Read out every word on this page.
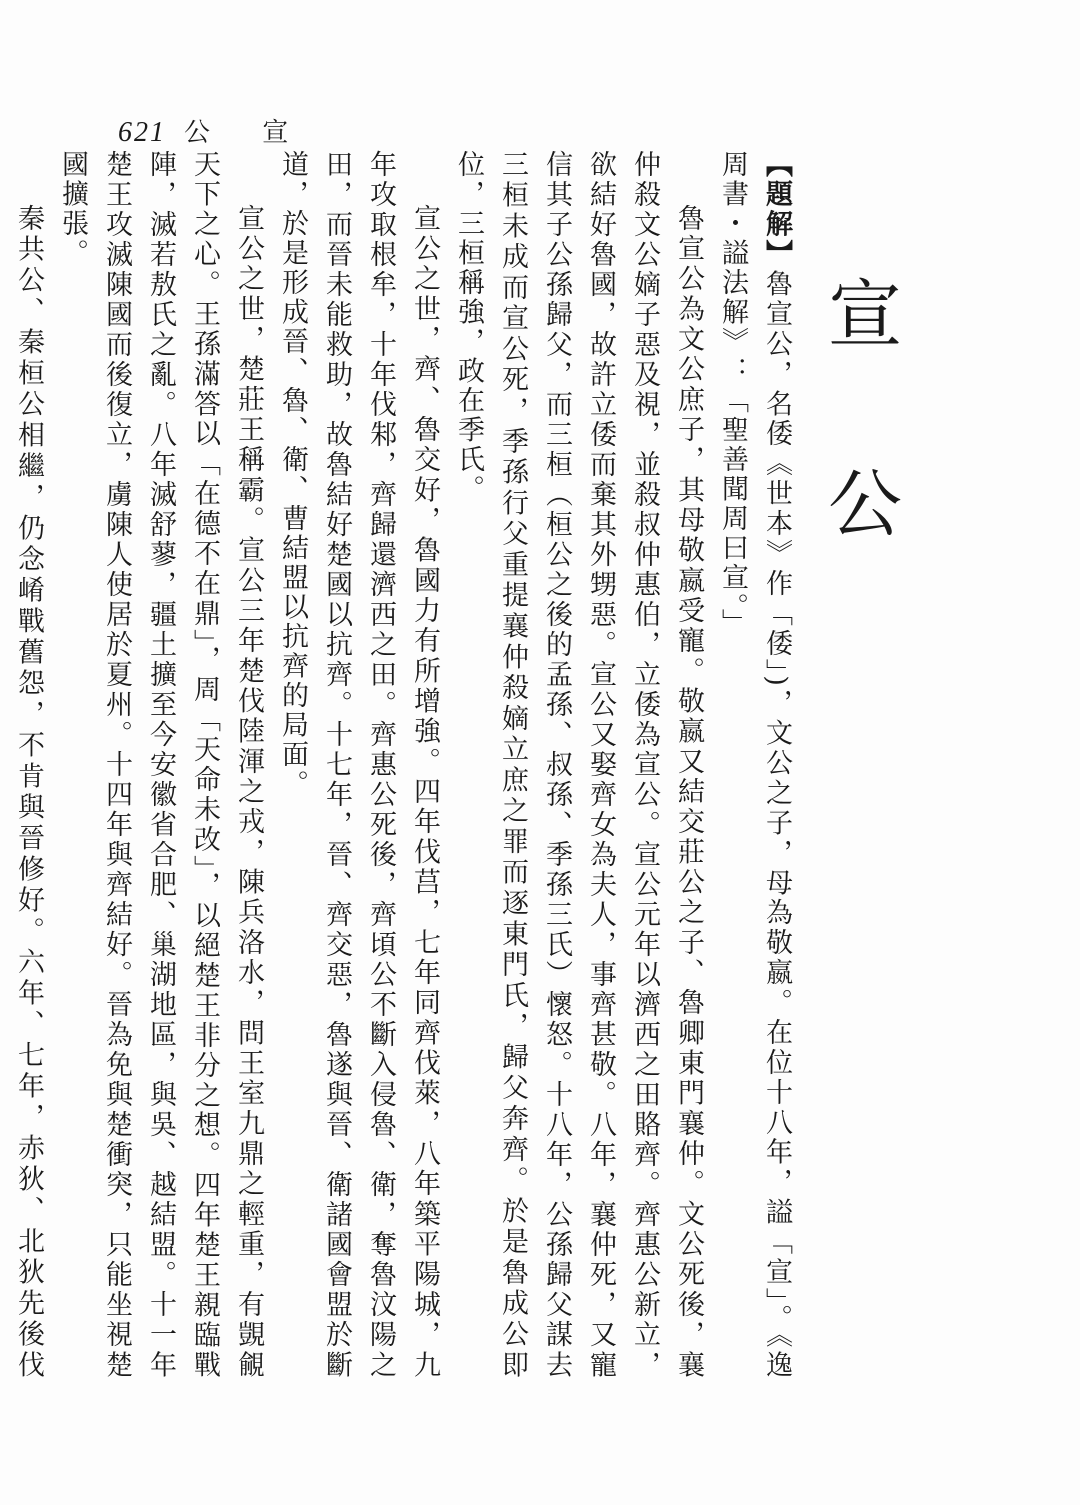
621 公 宣
宣 公

【題解】魯宣公，名倭《世本》作「倭」)，文公之子，母為敬嬴。在位十八年，謚「宣」。《逸周書・謚法解》：「聖善聞周曰宣。」

魯宣公為文公庶子，其母敬嬴受寵。敬嬴又結交莊公之子、魯卿東門襄仲。文公死後，襄仲殺文公嫡子惡及視，並殺叔仲惠伯，立倭為宣公。宣公元年以濟西之田賂齊。齊惠公新立，欲結好魯國，故許立倭而棄其外甥惡。宣公又娶齊女為夫人，事齊甚敬。八年，襄仲死，又寵信其子公孫歸父，而三桓（桓公之後的孟孫、叔孫、季孫三氏）懷怒。十八年，公孫歸父謀去三桓未成而宣公死，季孫行父重提襄仲殺嫡立庶之罪而逐東門氏，歸父奔齊。於是魯成公即位，三桓稱強，政在季氏。

宣公之世，齊、魯交好，魯國力有所增強。四年伐莒，七年同齊伐萊，八年築平陽城，九年攻取根牟，十年伐邾，齊歸還濟西之田。齊惠公死後，齊頃公不斷入侵魯、衛，奪魯汶陽之田，而晉未能救助，故魯結好楚國以抗齊。十七年，晉、齊交惡，魯遂與晉、衛諸國會盟於斷道，於是形成晉、魯、衛、曹結盟以抗齊的局面。

宣公之世，楚莊王稱霸。宣公三年楚伐陸渾之戎，陳兵洛水，問王室九鼎之輕重，有覬覦天下之心。王孫滿答以「在德不在鼎」，周「天命未改」，以絕楚王非分之想。四年楚王親臨戰陣，滅若敖氏之亂。八年滅舒蓼，疆土擴至今安徽省合肥、巢湖地區，與吳、越結盟。十一年楚王攻滅陳國而後復立，虜陳人使居於夏州。十四年與齊結好。晉為免與楚衝突，只能坐視楚國擴張。

秦共公、秦桓公相繼，仍念崤戰舊怨，不肯與晉修好。六年、七年，赤狄、北狄先後伐
